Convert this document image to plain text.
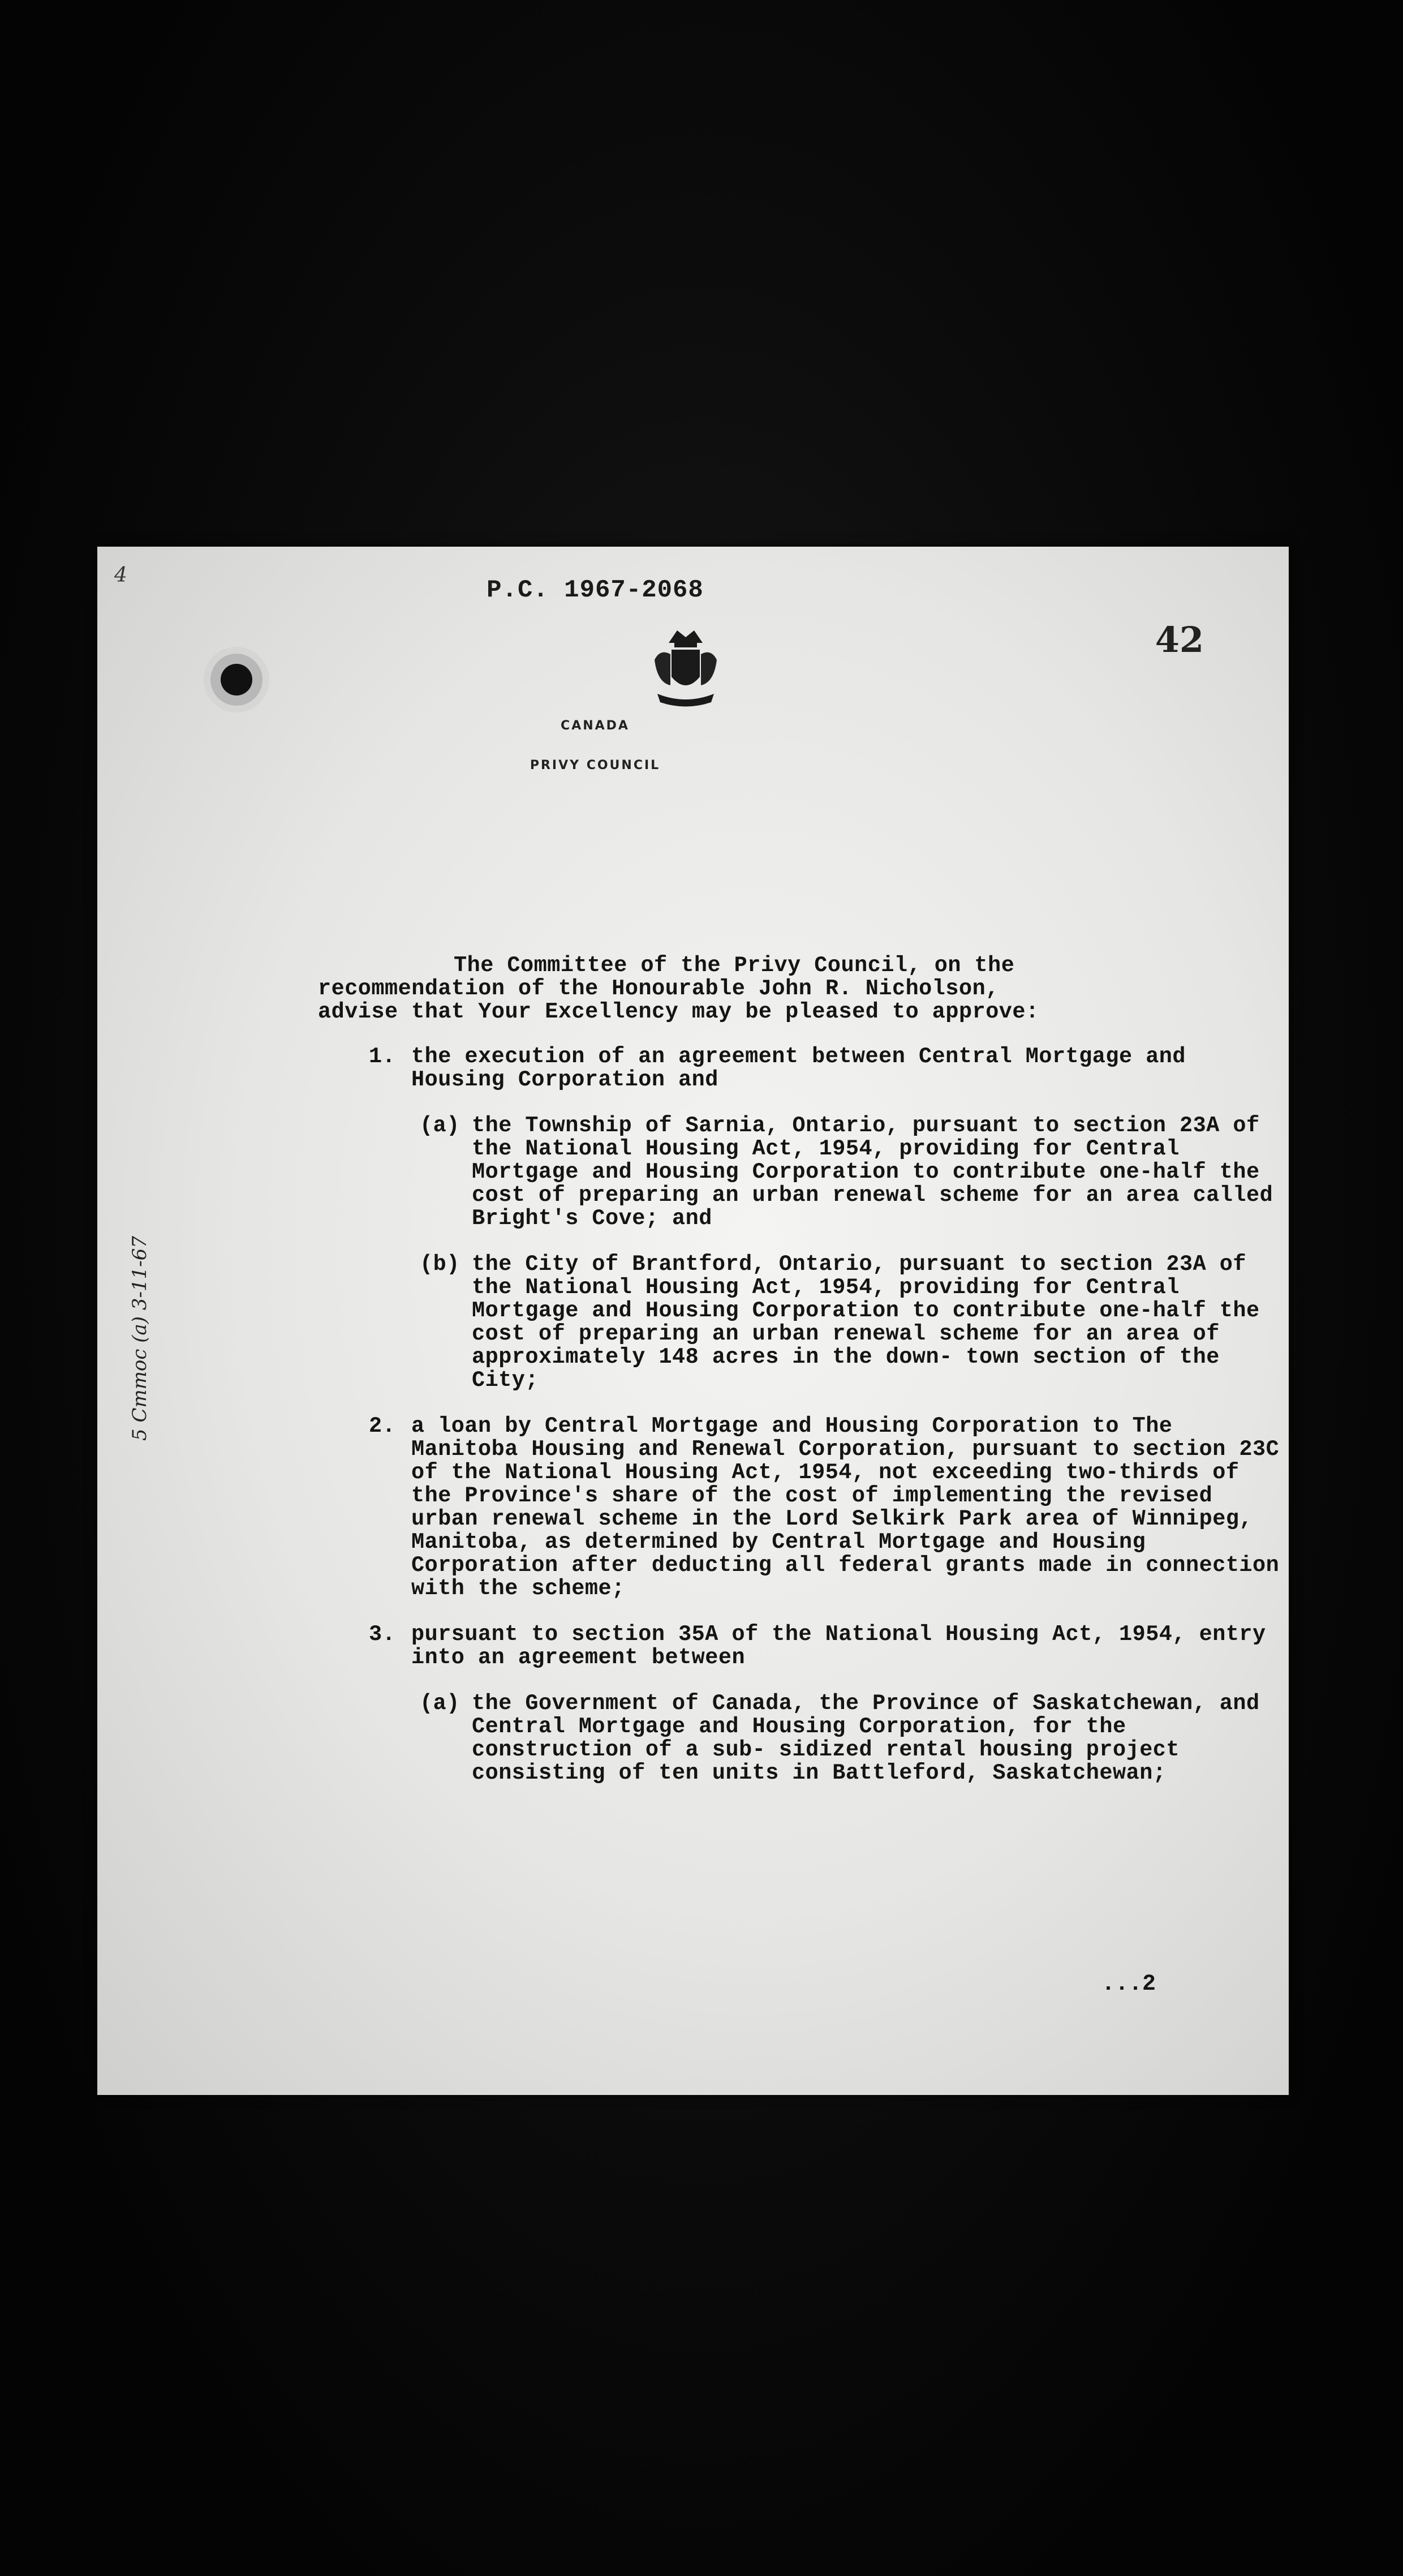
4
P.C. 1967-2068
42
CANADA
PRIVY COUNCIL
5 Cmmoc (a) 3-11-67
The Committee of the Privy Council, on the recommendation of the Honourable John R. Nicholson, advise that Your Excellency may be pleased to approve:
1. the execution of an agreement between Central Mortgage and Housing Corporation and
(a) the Township of Sarnia, Ontario, pursuant to section 23A of the National Housing Act, 1954, providing for Central Mortgage and Housing Corporation to contribute one-half the cost of preparing an urban renewal scheme for an area called Bright's Cove; and
(b) the City of Brantford, Ontario, pursuant to section 23A of the National Housing Act, 1954, providing for Central Mortgage and Housing Corporation to contribute one-half the cost of preparing an urban renewal scheme for an area of approximately 148 acres in the down- town section of the City;
2. a loan by Central Mortgage and Housing Corporation to The Manitoba Housing and Renewal Corporation, pursuant to section 23C of the National Housing Act, 1954, not exceeding two-thirds of the Province's share of the cost of implementing the revised urban renewal scheme in the Lord Selkirk Park area of Winnipeg, Manitoba, as determined by Central Mortgage and Housing Corporation after deducting all federal grants made in connection with the scheme;
3. pursuant to section 35A of the National Housing Act, 1954, entry into an agreement between
(a) the Government of Canada, the Province of Saskatchewan, and Central Mortgage and Housing Corporation, for the construction of a sub- sidized rental housing project consisting of ten units in Battleford, Saskatchewan;
...2
